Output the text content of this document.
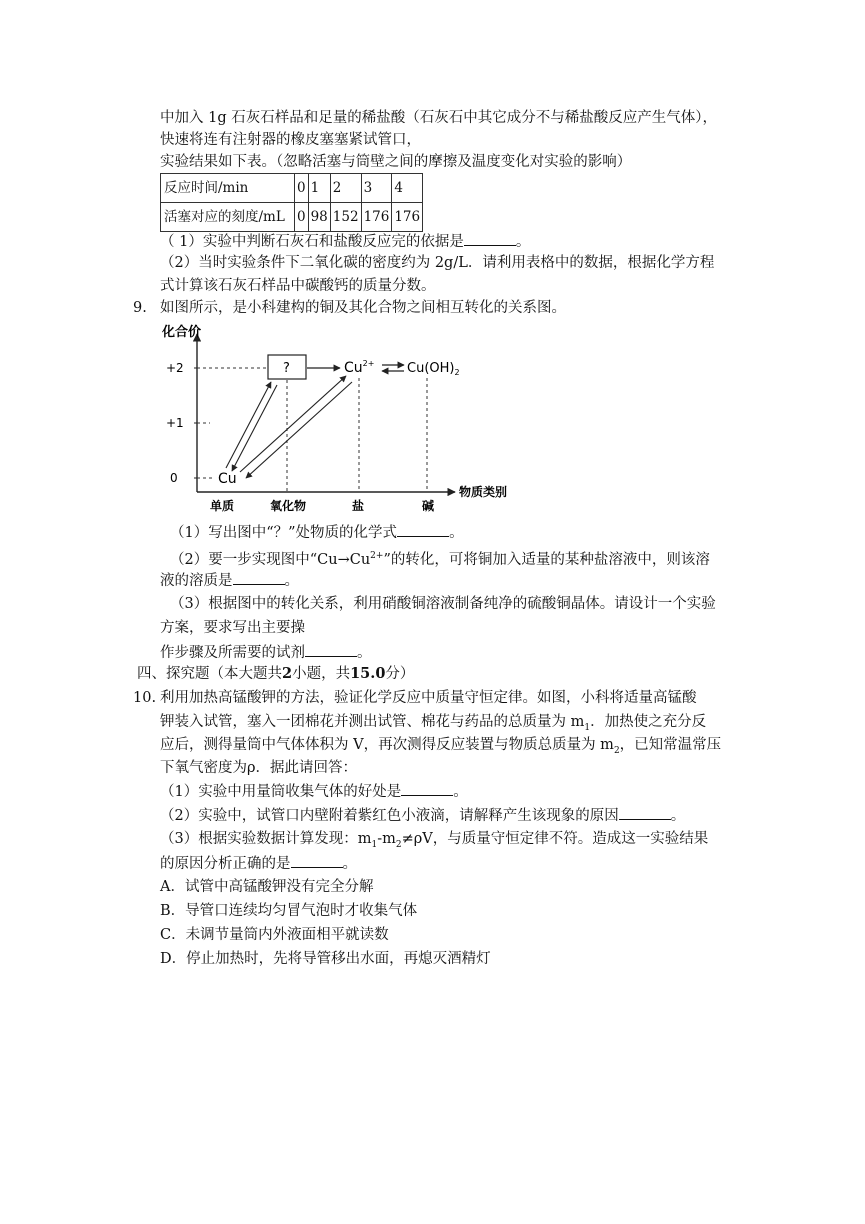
中加入 1g 石灰石样品和足量的稀盐酸（石灰石中其它成分不与稀盐酸反应产生气体），
快速将连有注射器的橡皮塞塞紧试管口，
实验结果如下表。（忽略活塞与筒壁之间的摩擦及温度变化对实验的影响）
反应时间/min	0	1	2	3	4
活塞对应的刻度/mL	0	98	152	176	176
（ 1）实验中判断石灰石和盐酸反应完的依据是	。
（2）当时实验条件下二氧化碳的密度约为 2g/L．请利用表格中的数据，根据化学方程
式计算该石灰石样品中碳酸钙的质量分数。
9. 如图所示，是小科建构的铜及其化合物之间相互转化的关系图。
化合价
物质类别
+2
+1
0
单质	氧化物	盐	碱
?	$Cu^{2+}$	$Cu(OH)_2$
Cu
（1）写出图中“？”处物质的化学式	。
（2）要一步实现图中“$Cu\to Cu^{2+}$”的转化，可将铜加入适量的某种盐溶液中，则该溶
液的溶质是	。
（3）根据图中的转化关系，利用硝酸铜溶液制备纯净的硫酸铜晶体。请设计一个实验
方案，要求写出主要操
作步骤及所需要的试剂	。
四、探究题（本大题共2小题，共15.0分）
10. 利用加热高锰酸钾的方法，验证化学反应中质量守恒定律。如图，小科将适量高锰酸
钾装入试管，塞入一团棉花并测出试管、棉花与药品的总质量为 $m_1$．加热使之充分反
应后，测得量筒中气体体积为 V，再次测得反应装置与物质总质量为 $m_2$，已知常温常压
下氧气密度为ρ．据此请回答：
（1）实验中用量筒收集气体的好处是	。
（2）实验中，试管口内壁附着紫红色小液滴，请解释产生该现象的原因	。
（3）根据实验数据计算发现：$m_1-m_2\ne\rho V$，与质量守恒定律不符。造成这一实验结果
的原因分析正确的是	。
A．试管中高锰酸钾没有完全分解
B．导管口连续均匀冒气泡时才收集气体
C．未调节量筒内外液面相平就读数
D．停止加热时，先将导管移出水面，再熄灭酒精灯
